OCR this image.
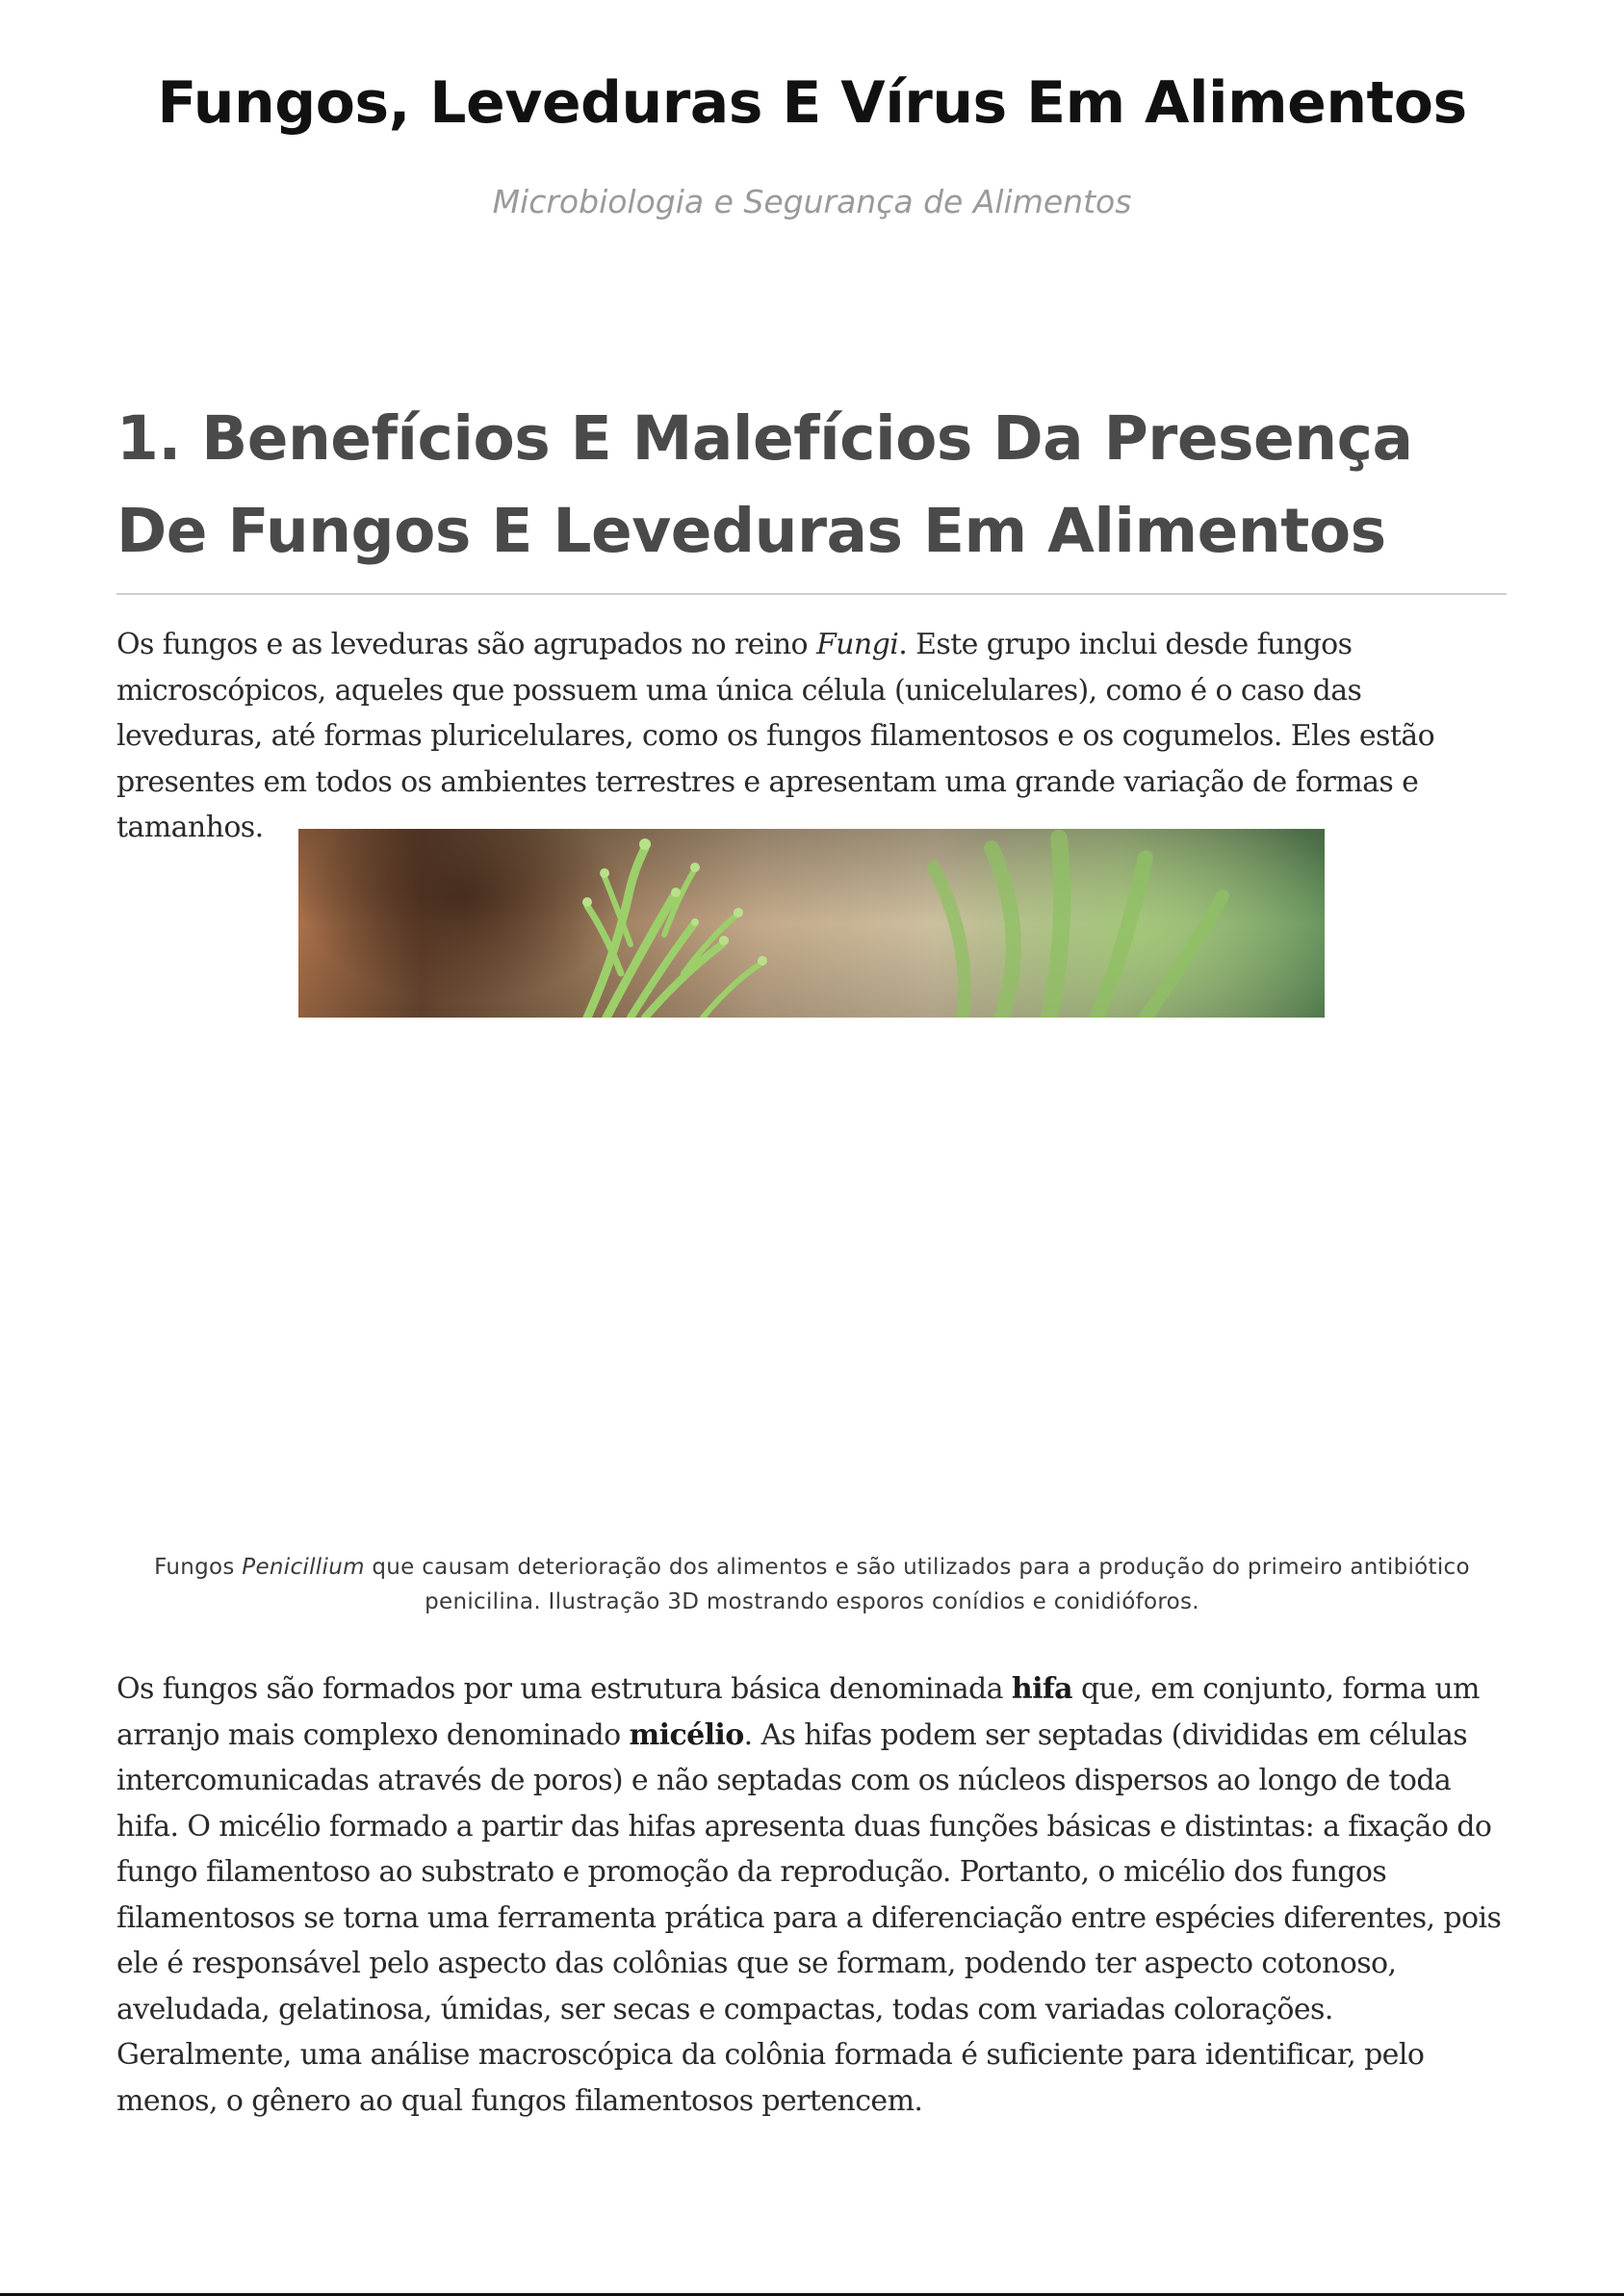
Fungos, Leveduras E Vírus Em Alimentos

Microbiologia e Segurança de Alimentos

1. Benefícios E Malefícios Da Presença De Fungos E Leveduras Em Alimentos

Os fungos e as leveduras são agrupados no reino Fungi. Este grupo inclui desde fungos microscópicos, aqueles que possuem uma única célula (unicelulares), como é o caso das leveduras, até formas pluricelulares, como os fungos filamentosos e os cogumelos. Eles estão presentes em todos os ambientes terrestres e apresentam uma grande variação de formas e tamanhos.

Fungos Penicillium que causam deterioração dos alimentos e são utilizados para a produção do primeiro antibiótico penicilina. Ilustração 3D mostrando esporos conídios e conidióforos.

Os fungos são formados por uma estrutura básica denominada hifa que, em conjunto, forma um arranjo mais complexo denominado micélio. As hifas podem ser septadas (divididas em células intercomunicadas através de poros) e não septadas com os núcleos dispersos ao longo de toda hifa. O micélio formado a partir das hifas apresenta duas funções básicas e distintas: a fixação do fungo filamentoso ao substrato e promoção da reprodução. Portanto, o micélio dos fungos filamentosos se torna uma ferramenta prática para a diferenciação entre espécies diferentes, pois ele é responsável pelo aspecto das colônias que se formam, podendo ter aspecto cotonoso, aveludada, gelatinosa, úmidas, ser secas e compactas, todas com variadas colorações. Geralmente, uma análise macroscópica da colônia formada é suficiente para identificar, pelo menos, o gênero ao qual fungos filamentosos pertencem.
